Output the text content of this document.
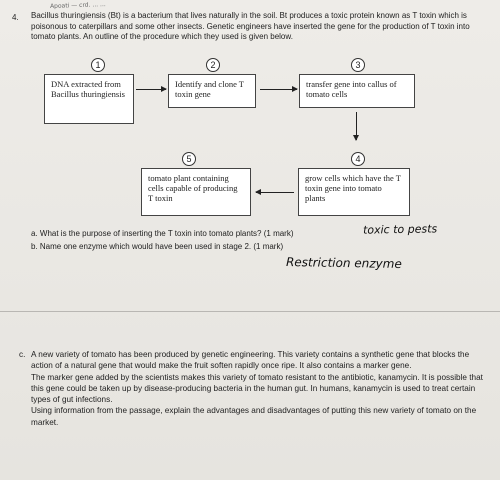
Apoati — crd. ... ...
4. Bacillus thuringiensis (Bt) is a bacterium that lives naturally in the soil. Bt produces a toxic protein known as T toxin which is poisonous to caterpillars and some other insects. Genetic engineers have inserted the gene for the production of T toxin into tomato plants. An outline of the procedure which they used is given below.
1	2	3
4
5
DNA extracted from Bacillus thuringiensis
Identify and clone T toxin gene
transfer gene into callus of tomato cells
grow cells which have the T toxin gene into tomato plants
tomato plant containing cells capable of producing T toxin
a. What is the purpose of inserting the T toxin into tomato plants? (1 mark)	toxic to pests
b. Name one enzyme which would have been used in stage 2. (1 mark)
Restriction enzyme
c. A new variety of tomato has been produced by genetic engineering. This variety contains a synthetic gene that blocks the action of a natural gene that would make the fruit soften rapidly once ripe. It also contains a marker gene.

The marker gene added by the scientists makes this variety of tomato resistant to the antibiotic, kanamycin. It is possible that this gene could be taken up by disease-producing bacteria in the human gut. In humans, kanamycin is used to treat certain types of gut infections.

Using information from the passage, explain the advantages and disadvantages of putting this new variety of tomato on the market.
